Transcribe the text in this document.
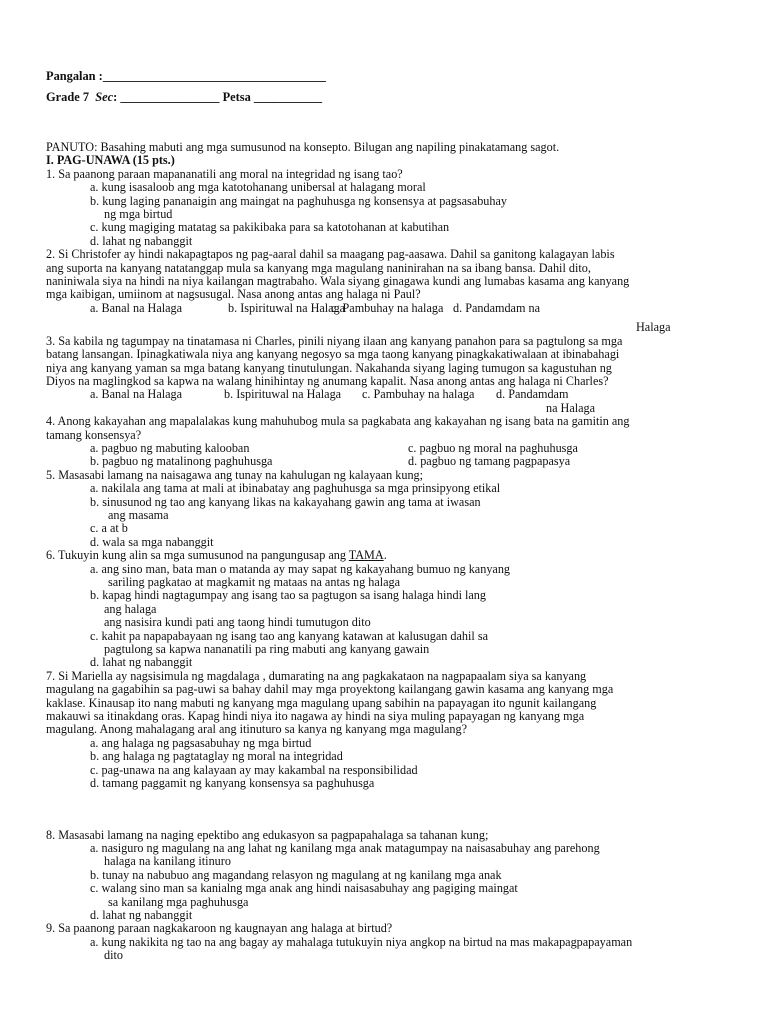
Pangalan :____________________________________
Grade 7 Sec: ________________ Petsa ___________
PANUTO: Basahing mabuti ang mga sumusunod na konsepto. Bilugan ang napiling pinakatamang sagot.
I. PAG-UNAWA (15 pts.)
1. Sa paanong paraan mapananatili ang moral na integridad ng isang tao?
a. kung isasaloob ang mga katotohanang unibersal at halagang moral
b. kung laging pananaigin ang maingat na paghuhusga ng konsensya at pagsasabuhay
ng mga birtud
c. kung magiging matatag sa pakikibaka para sa katotohanan at kabutihan
d. lahat ng nabanggit
2. Si Christofer ay hindi nakapagtapos ng pag-aaral dahil sa maagang pag-aasawa. Dahil sa ganitong kalagayan labis
ang suporta na kanyang natatanggap mula sa kanyang mga magulang naninirahan na sa ibang bansa. Dahil dito,
naniniwala siya na hindi na niya kailangan magtrabaho. Wala siyang ginagawa kundi ang lumabas kasama ang kanyang
mga kaibigan, umiinom at nagsusugal. Nasa anong antas ang halaga ni Paul?
a. Banal na Halaga	b. Ispirituwal na Halaga
c. Pambuhay na halaga d. Pandamdam na
Halaga
3. Sa kabila ng tagumpay na tinatamasa ni Charles, pinili niyang ilaan ang kanyang panahon para sa pagtulong sa mga
batang lansangan. Ipinagkatiwala niya ang kanyang negosyo sa mga taong kanyang pinagkakatiwalaan at ibinabahagi
niya ang kanyang yaman sa mga batang kanyang tinutulungan. Nakahanda siyang laging tumugon sa kagustuhan ng
Diyos na maglingkod sa kapwa na walang hinihintay ng anumang kapalit. Nasa anong antas ang halaga ni Charles?
a. Banal na Halaga	b. Ispirituwal na Halaga	c. Pambuhay na halaga	d. Pandamdam
na Halaga
4. Anong kakayahan ang mapalalakas kung mahuhubog mula sa pagkabata ang kakayahan ng isang bata na gamitin ang
tamang konsensya?
a. pagbuo ng mabuting kalooban	c. pagbuo ng moral na paghuhusga
b. pagbuo ng matalinong paghuhusga	d. pagbuo ng tamang pagpapasya
5. Masasabi lamang na naisagawa ang tunay na kahulugan ng kalayaan kung;
a. nakilala ang tama at mali at ibinabatay ang paghuhusga sa mga prinsipyong etikal
b. sinusunod ng tao ang kanyang likas na kakayahang gawin ang tama at iwasan
ang masama
c. a at b
d. wala sa mga nabanggit
6. Tukuyin kung alin sa mga sumusunod na pangungusap ang TAMA.
a. ang sino man, bata man o matanda ay may sapat ng kakayahang bumuo ng kanyang
sariling pagkatao at magkamit ng mataas na antas ng halaga
b. kapag hindi nagtagumpay ang isang tao sa pagtugon sa isang halaga hindi lang
ang halaga
ang nasisira kundi pati ang taong hindi tumutugon dito
c. kahit pa napapabayaan ng isang tao ang kanyang katawan at kalusugan dahil sa
pagtulong sa kapwa nananatili pa ring mabuti ang kanyang gawain
d. lahat ng nabanggit
7. Si Mariella ay nagsisimula ng magdalaga , dumarating na ang pagkakataon na nagpapaalam siya sa kanyang
magulang na gagabihin sa pag-uwi sa bahay dahil may mga proyektong kailangang gawin kasama ang kanyang mga
kaklase. Kinausap ito nang mabuti ng kanyang mga magulang upang sabihin na papayagan ito ngunit kailangang
makauwi sa itinakdang oras. Kapag hindi niya ito nagawa ay hindi na siya muling papayagan ng kanyang mga
magulang. Anong mahalagang aral ang itinuturo sa kanya ng kanyang mga magulang?
a. ang halaga ng pagsasabuhay ng mga birtud
b. ang halaga ng pagtataglay ng moral na integridad
c. pag-unawa na ang kalayaan ay may kakambal na responsibilidad
d. tamang paggamit ng kanyang konsensya sa paghuhusga
8. Masasabi lamang na naging epektibo ang edukasyon sa pagpapahalaga sa tahanan kung;
a. nasiguro ng magulang na ang lahat ng kanilang mga anak matagumpay na naisasabuhay ang parehong
halaga na kanilang itinuro
b. tunay na nabubuo ang magandang relasyon ng magulang at ng kanilang mga anak
c. walang sino man sa kanialng mga anak ang hindi naisasabuhay ang pagiging maingat
sa kanilang mga paghuhusga
d. lahat ng nabanggit
9. Sa paanong paraan nagkakaroon ng kaugnayan ang halaga at birtud?
a. kung nakikita ng tao na ang bagay ay mahalaga tutukuyin niya angkop na birtud na mas makapagpapayaman
dito
